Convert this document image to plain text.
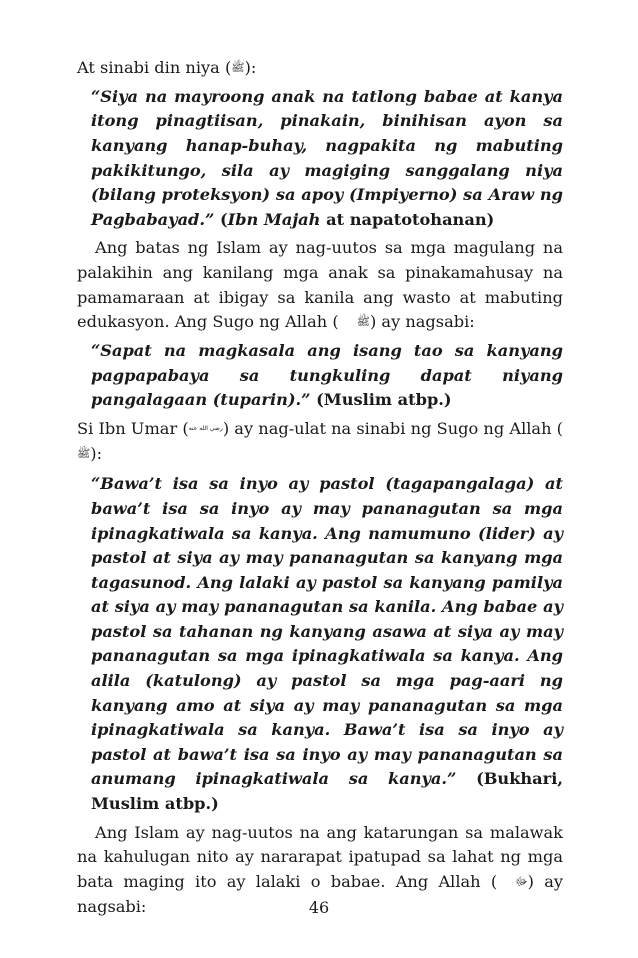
At sinabi din niya (ﷺ):

“Siya na mayroong anak na tatlong babae at kanya itong pinagtiisan, pinakain, binihisan ayon sa kanyang hanap-buhay, nagpakita ng mabuting pakikitungo, sila ay magiging sanggalang niya (bilang proteksyon) sa apoy (Impiyerno) sa Araw ng Pagbabayad.” (Ibn Majah at napatotohanan)

Ang batas ng Islam ay nag-uutos sa mga magulang na palakihin ang kanilang mga anak sa pinakamahusay na pamamaraan at ibigay sa kanila ang wasto at mabuting edukasyon. Ang Sugo ng Allah ( ﷺ) ay nagsabi:

“Sapat na magkasala ang isang tao sa kanyang pagpapabaya sa tungkuling dapat niyang pangalagaan (tuparin).” (Muslim atbp.)

Si Ibn Umar (رضي الله عنه) ay nag-ulat na sinabi ng Sugo ng Allah (ﷺ):

“Bawa’t isa sa inyo ay pastol (tagapangalaga) at bawa’t isa sa inyo ay may pananagutan sa mga ipinagkatiwala sa kanya. Ang namumuno (lider) ay pastol at siya ay may pananagutan sa kanyang mga tagasunod. Ang lalaki ay pastol sa kanyang pamilya at siya ay may pananagutan sa kanila. Ang babae ay pastol sa tahanan ng kanyang asawa at siya ay may pananagutan sa mga ipinagkatiwala sa kanya. Ang alila (katulong) ay pastol sa mga pag-aari ng kanyang amo at siya ay may pananagutan sa mga ipinagkatiwala sa kanya. Bawa’t isa sa inyo ay pastol at bawa’t isa sa inyo ay may pananagutan sa anumang ipinagkatiwala sa kanya.” (Bukhari, Muslim atbp.)

Ang Islam ay nag-uutos na ang katarungan sa malawak na kahulugan nito ay nararapat ipatupad sa lahat ng mga bata maging ito ay lalaki o babae. Ang Allah ( ﷻ) ay nagsabi:	46
